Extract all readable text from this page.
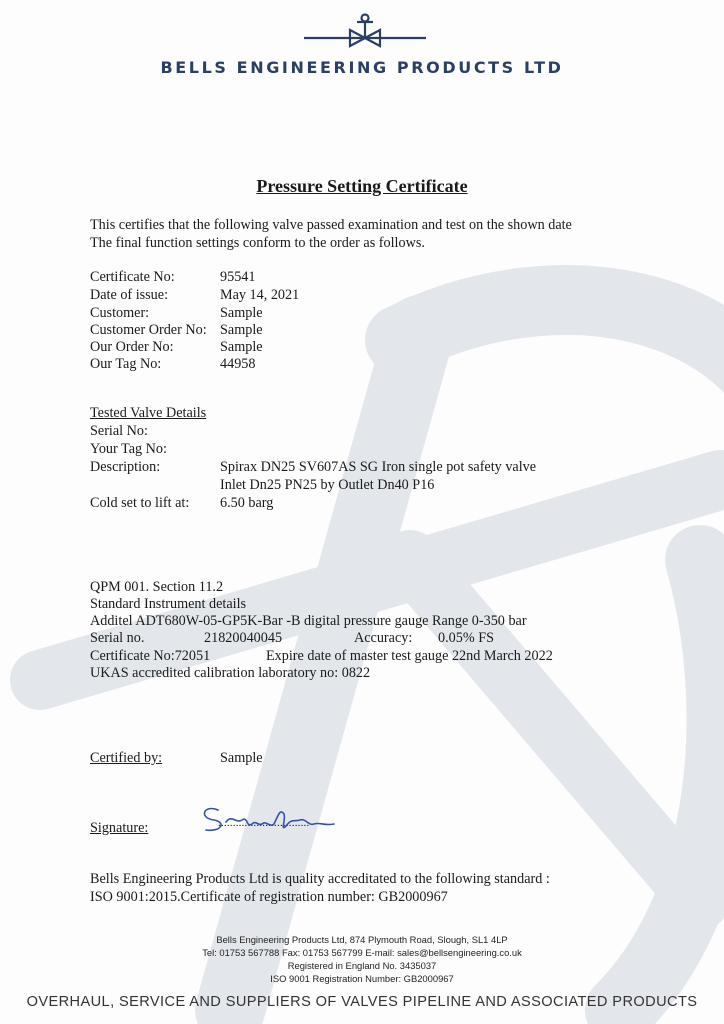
BELLS ENGINEERING PRODUCTS LTD
Pressure Setting Certificate
This certifies that the following valve passed examination and test on the shown date
The final function settings conform to the order as follows.
Certificate No:	95541
Date of issue:	May 14, 2021
Customer:	Sample
Customer Order No: Sample
Our Order No:	Sample
Our Tag No:	44958
Tested Valve Details
Serial No:
Your Tag No:
Description:	Spirax DN25 SV607AS SG Iron single pot safety valve
Inlet Dn25 PN25 by Outlet Dn40 P16
Cold set to lift at: 6.50 barg
QPM 001. Section 11.2
Standard Instrument details
Additel ADT680W-05-GP5K-Bar -B digital pressure gauge Range 0-350 bar
Serial no.	21820040045	Accuracy: 0.05% FS
Certificate No:72051	Expire date of master test gauge 22nd March 2022
UKAS accredited calibration laboratory no: 0822
Certified by:	Sample
Signature:	...............................
Bells Engineering Products Ltd is quality accreditated to the following standard :
ISO 9001:2015.Certificate of registration number: GB2000967
Bells Engineering Products Ltd, 874 Plymouth Road, Slough, SL1 4LP
Tel: 01753 567788 Fax: 01753 567799 E-mail: sales@bellsengineering.co.uk
Registered in England No. 3435037
ISO 9001 Registration Number: GB2000967
OVERHAUL, SERVICE AND SUPPLIERS OF VALVES PIPELINE AND ASSOCIATED PRODUCTS
